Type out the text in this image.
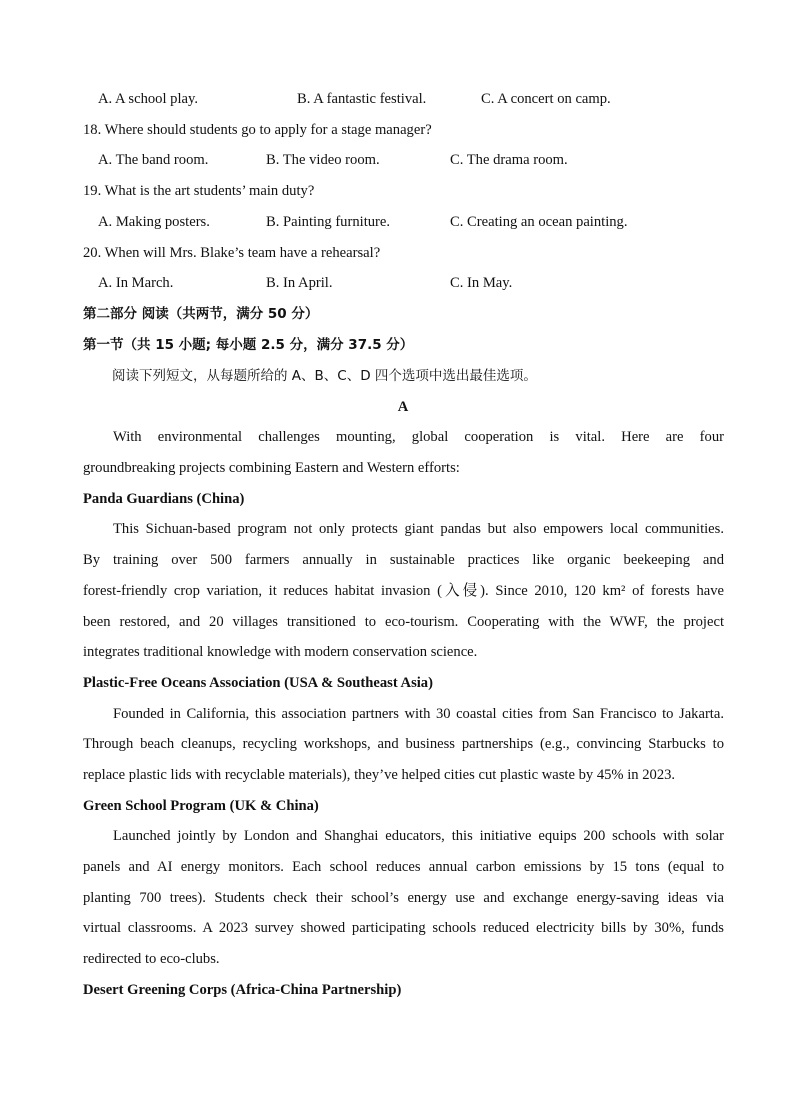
A. A school play.	B. A fantastic festival.	C. A concert on camp.
18. Where should students go to apply for a stage manager?
A. The band room.	B. The video room.	C. The drama room.
19. What is the art students’ main duty?
A. Making posters.	B. Painting furniture.	C. Creating an ocean painting.
20. When will Mrs. Blake’s team have a rehearsal?
A. In March.	B. In April.	C. In May.
第二部分 阅读（共两节，满分 50 分）
第一节（共 15 小题; 每小题 2.5 分，满分 37.5 分）
阅读下列短文，从每题所给的 A、B、C、D 四个选项中选出最佳选项。
A
With environmental challenges mounting, global cooperation is vital. Here are four
groundbreaking projects combining Eastern and Western efforts:
Panda Guardians (China)
This Sichuan-based program not only protects giant pandas but also empowers local communities.
By training over 500 farmers annually in sustainable practices like organic beekeeping and
forest-friendly crop variation, it reduces habitat invasion (入侵). Since 2010, 120 km² of forests have
been restored, and 20 villages transitioned to eco-tourism. Cooperating with the WWF, the project
integrates traditional knowledge with modern conservation science.
Plastic-Free Oceans Association (USA & Southeast Asia)
Founded in California, this association partners with 30 coastal cities from San Francisco to Jakarta.
Through beach cleanups, recycling workshops, and business partnerships (e.g., convincing Starbucks to
replace plastic lids with recyclable materials), they’ve helped cities cut plastic waste by 45% in 2023.
Green School Program (UK & China)
Launched jointly by London and Shanghai educators, this initiative equips 200 schools with solar
panels and AI energy monitors. Each school reduces annual carbon emissions by 15 tons (equal to
planting 700 trees). Students check their school’s energy use and exchange energy-saving ideas via
virtual classrooms. A 2023 survey showed participating schools reduced electricity bills by 30%, funds
redirected to eco-clubs.
Desert Greening Corps (Africa-China Partnership)
